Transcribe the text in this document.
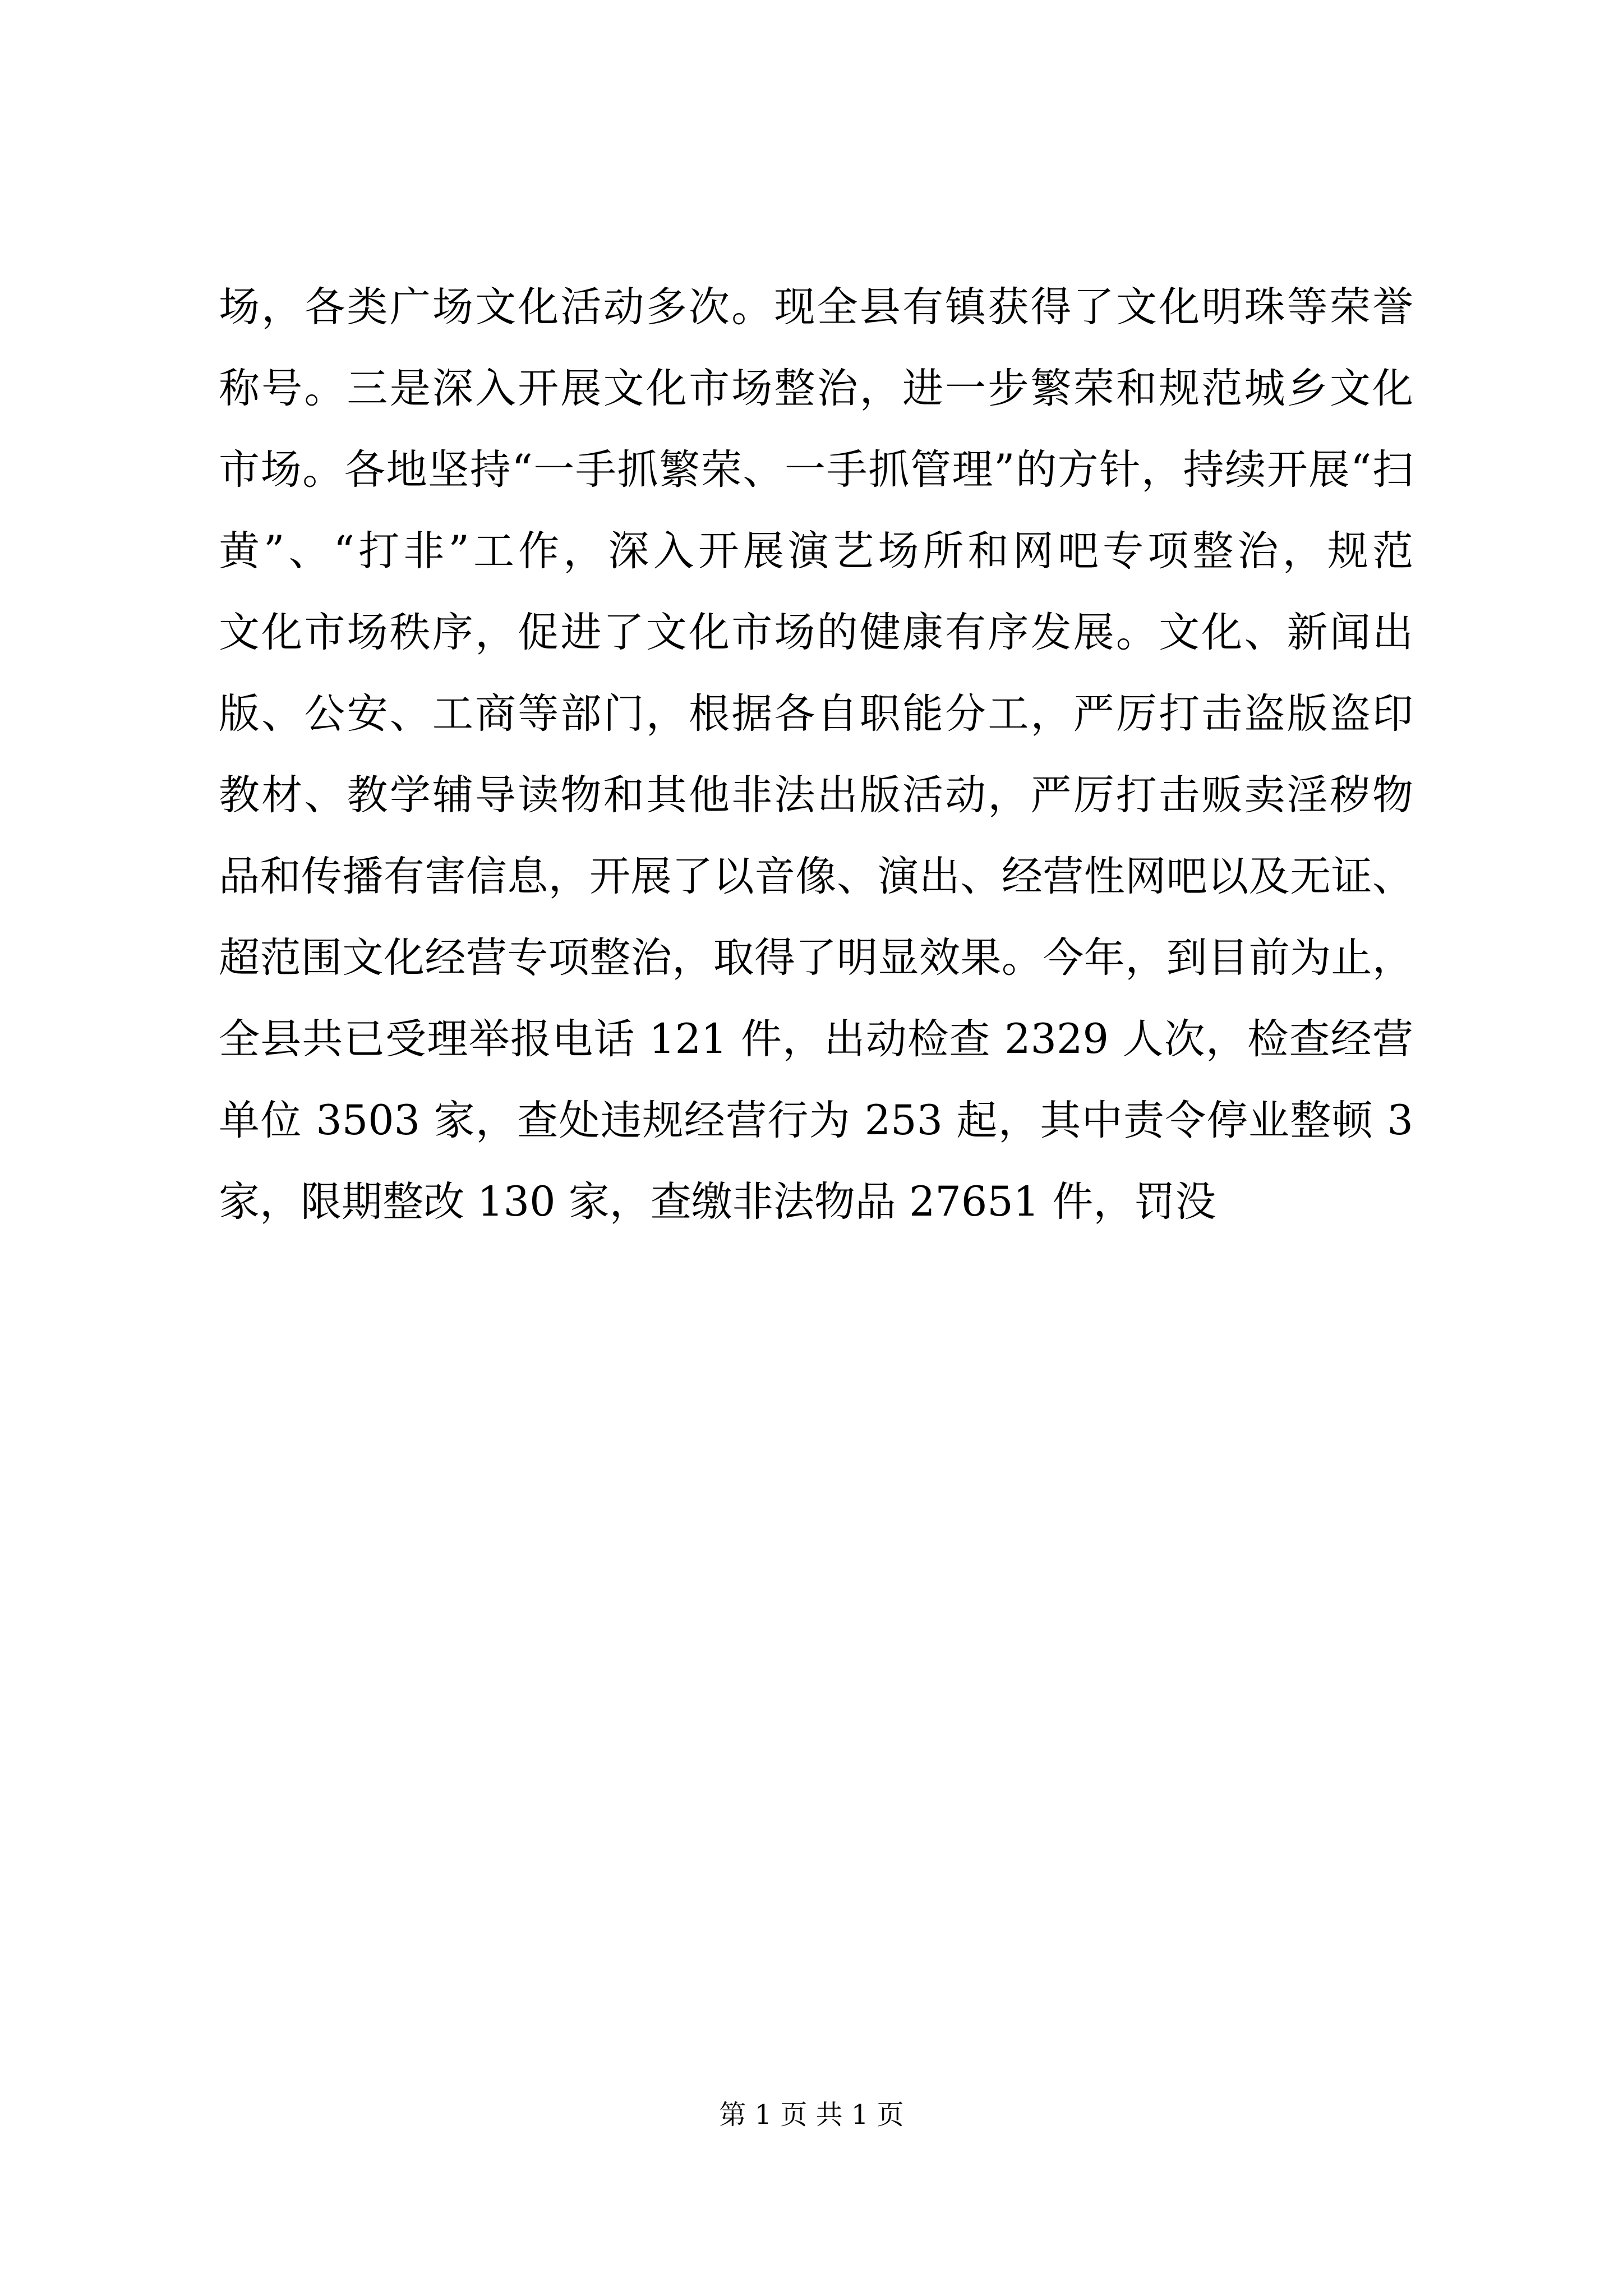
场，各类广场文化活动多次。现全县有镇获得了文化明珠等荣誉
称号。三是深入开展文化市场整治，进一步繁荣和规范城乡文化
市场。各地坚持“一手抓繁荣、一手抓管理”的方针，持续开展“扫
黄”、“打非”工作，深入开展演艺场所和网吧专项整治，规范
文化市场秩序，促进了文化市场的健康有序发展。文化、新闻出
版、公安、工商等部门，根据各自职能分工，严厉打击盗版盗印
教材、教学辅导读物和其他非法出版活动，严厉打击贩卖淫秽物
品和传播有害信息，开展了以音像、演出、经营性网吧以及无证、
超范围文化经营专项整治，取得了明显效果。今年，到目前为止，
全县共已受理举报电话 121 件，出动检查 2329 人次，检查经营
单位 3503 家，查处违规经营行为 253 起，其中责令停业整顿 3
家，限期整改 130 家，查缴非法物品 27651 件，罚没
第 1 页 共 1 页
